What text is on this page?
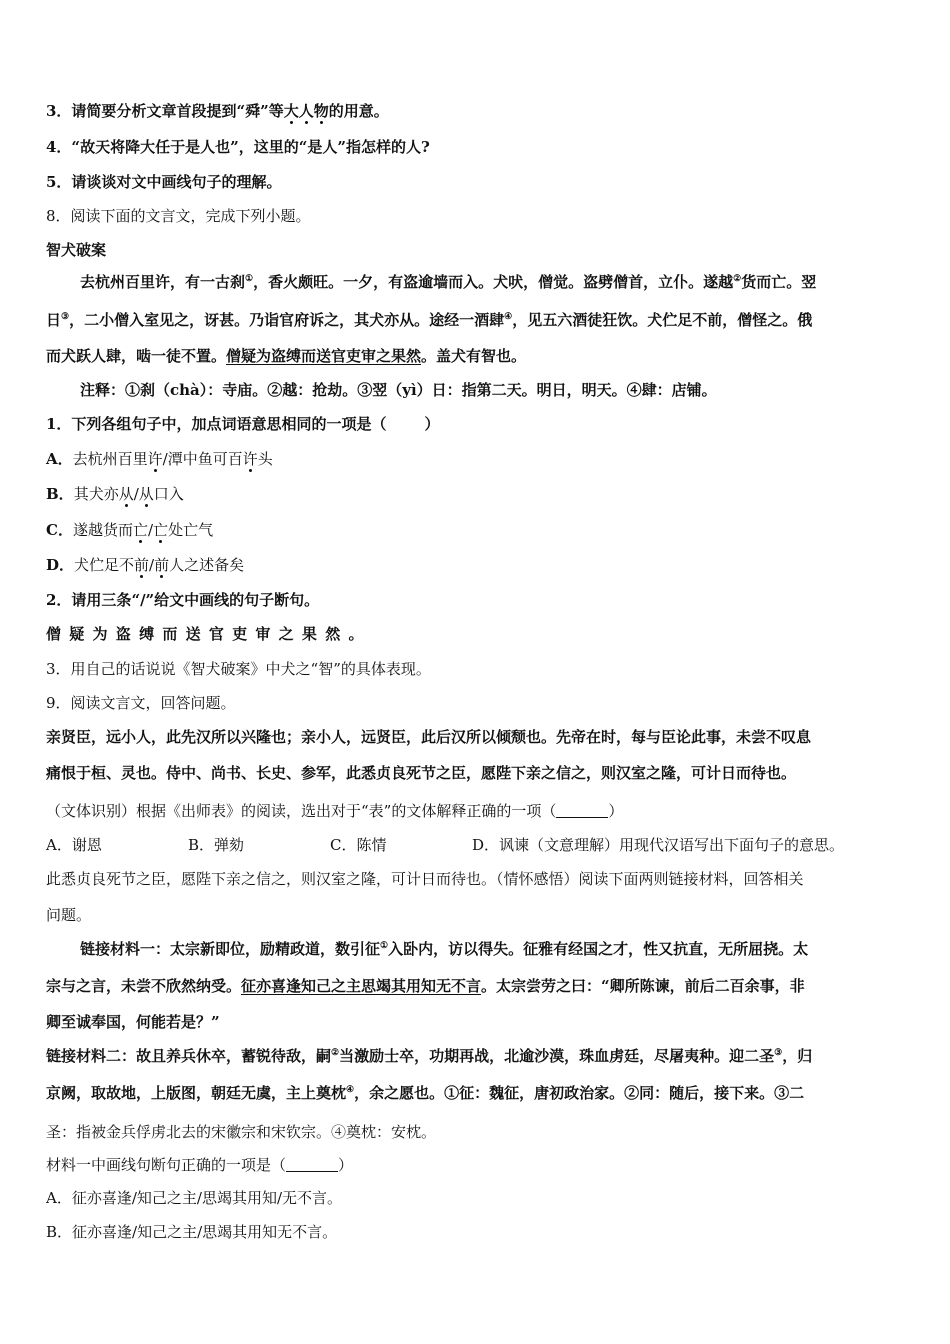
3．请简要分析文章首段提到“舜”等大人物的用意。
4．“故天将降大任于是人也”，这里的“是人”指怎样的人?
5．请谈谈对文中画线句子的理解。
8．阅读下面的文言文，完成下列小题。
智犬破案
去杭州百里许，有一古刹①，香火颇旺。一夕，有盗逾墙而入。犬吠，僧觉。盗劈僧首，立仆。遂越②货而亡。翌
日③，二小僧入室见之，讶甚。乃诣官府诉之，其犬亦从。途经一酒肆④，见五六酒徒狂饮。犬伫足不前，僧怪之。俄
而犬跃人肆，啮一徒不置。僧疑为盗缚而送官吏审之果然。盖犬有智也。
注释：①刹（chà）：寺庙。②越：抢劫。③翌（yì）日：指第二天。明日，明天。④肆：店铺。
1．下列各组句子中，加点词语意思相同的一项是（	）
A．去杭州百里许/潭中鱼可百许头
B．其犬亦从/从口入
C．遂越货而亡/亡处亡气
D．犬伫足不前/前人之述备矣
2．请用三条“/”给文中画线的句子断句。
僧疑为盗缚而送官吏审之果然。
3．用自己的话说说《智犬破案》中犬之“智”的具体表现。
9．阅读文言文，回答问题。
亲贤臣，远小人，此先汉所以兴隆也；亲小人，远贤臣，此后汉所以倾颓也。先帝在时，每与臣论此事，未尝不叹息
痛恨于桓、灵也。侍中、尚书、长史、参军，此悉贞良死节之臣，愿陛下亲之信之，则汉室之隆，可计日而待也。
（文体识别）根据《出师表》的阅读，选出对于“表”的文体解释正确的一项（	）
A．谢恩	B．弹劾	C．陈情	D．讽谏（文意理解）用现代汉语写出下面句子的意思。
此悉贞良死节之臣，愿陛下亲之信之，则汉室之隆，可计日而待也。（情怀感悟）阅读下面两则链接材料，回答相关
问题。
链接材料一：太宗新即位，励精政道，数引征①入卧内，访以得失。征雅有经国之才，性又抗直，无所屈挠。太
宗与之言，未尝不欣然纳受。征亦喜逢知己之主思竭其用知无不言。太宗尝劳之曰：“卿所陈谏，前后二百余事，非
卿至诚奉国，何能若是？”
链接材料二：故且养兵休卒，蓄锐待敌，嗣②当激励士卒，功期再战，北逾沙漠，珠血虏廷，尽屠夷种。迎二圣③，归
京阙，取故地，上版图，朝廷无虞，主上奠枕④，余之愿也。①征：魏征，唐初政治家。②同：随后，接下来。③二
圣：指被金兵俘虏北去的宋徽宗和宋钦宗。④奠枕：安枕。
材料一中画线句断句正确的一项是（	）
A．征亦喜逢/知己之主/思竭其用知/无不言。
B．征亦喜逢/知己之主/思竭其用知无不言。
